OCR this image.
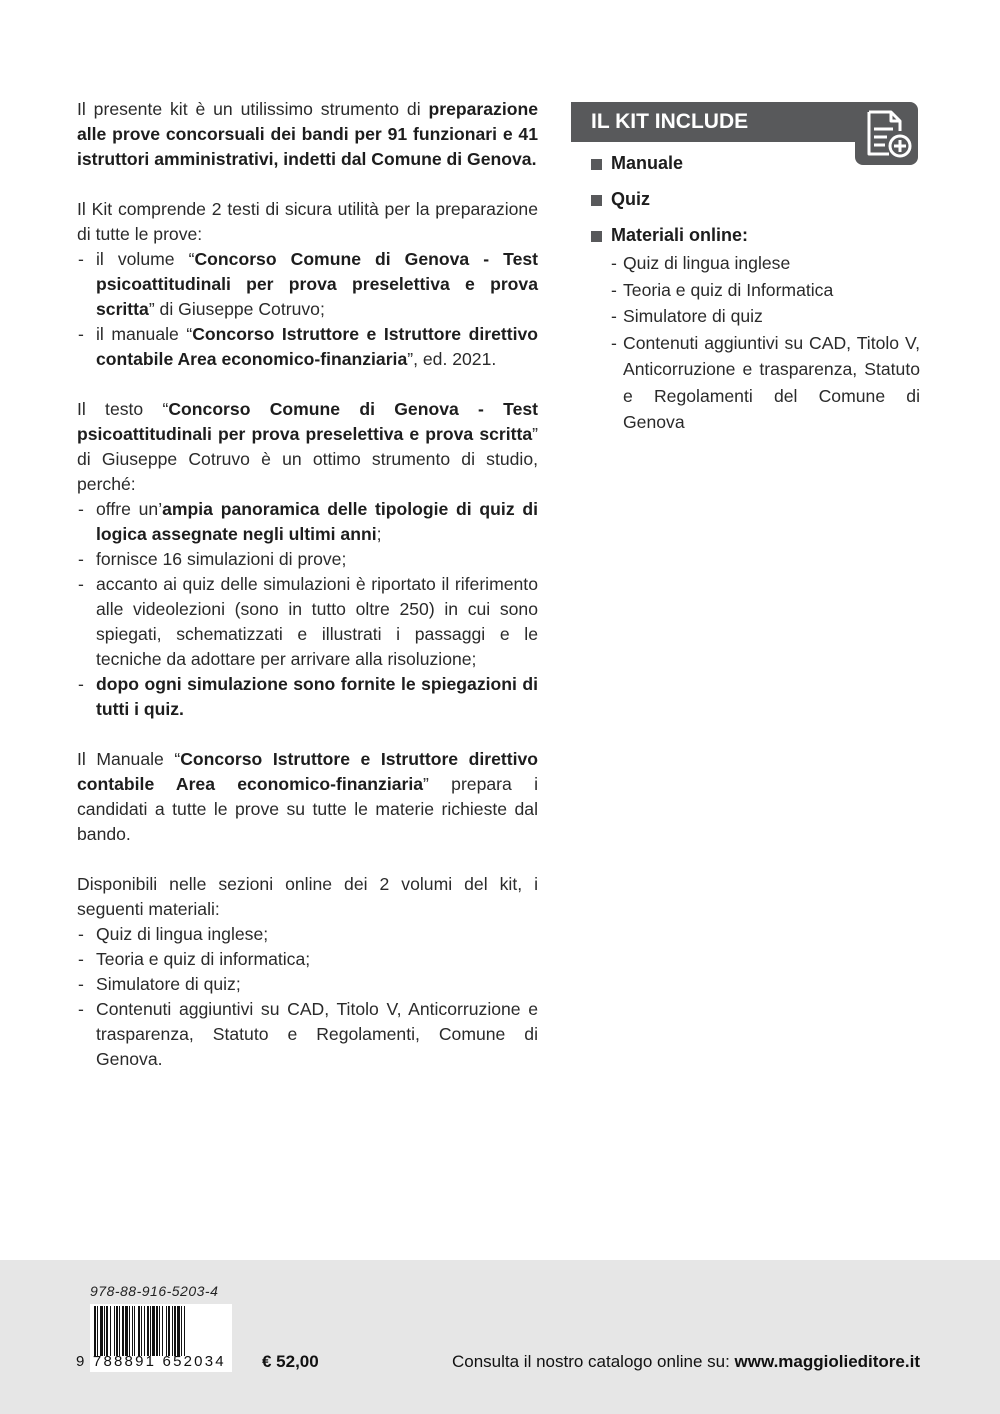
Il presente kit è un utilissimo strumento di preparazione alle prove concorsuali dei bandi per 91 funzionari e 41 istruttori amministrativi, indetti dal Comune di Genova.

Il Kit comprende 2 testi di sicura utilità per la preparazione di tutte le prove:

- il volume “Concorso Comune di Genova - Test psicoattitudinali per prova preselettiva e prova scritta” di Giuseppe Cotruvo;
- il manuale “Concorso Istruttore e Istruttore direttivo contabile Area economico-finanziaria”, ed. 2021.

Il testo “Concorso Comune di Genova - Test psicoattitudinali per prova preselettiva e prova scritta” di Giuseppe Cotruvo è un ottimo strumento di studio, perché:

- offre un’ampia panoramica delle tipologie di quiz di logica assegnate negli ultimi anni;
- fornisce 16 simulazioni di prove;
- accanto ai quiz delle simulazioni è riportato il riferimento alle videolezioni (sono in tutto oltre 250) in cui sono spiegati, schematizzati e illustrati i passaggi e le tecniche da adottare per arrivare alla risoluzione;
- dopo ogni simulazione sono fornite le spiegazioni di tutti i quiz.

Il Manuale “Concorso Istruttore e Istruttore direttivo contabile Area economico-finanziaria” prepara i candidati a tutte le prove su tutte le materie richieste dal bando.

Disponibili nelle sezioni online dei 2 volumi del kit, i seguenti materiali:

- Quiz di lingua inglese;
- Teoria e quiz di informatica;
- Simulatore di quiz;
- Contenuti aggiuntivi su CAD, Titolo V, Anticorruzione e trasparenza, Statuto e Regolamenti, Comune di Genova.
IL KIT INCLUDE
Manuale
Quiz
Materiali online:
- Quiz di lingua inglese
- Teoria e quiz di Informatica
- Simulatore di quiz
- Contenuti aggiuntivi su CAD, Titolo V, Anticorruzione e trasparenza, Statuto e Regolamenti del Comune di Genova
978-88-916-5203-4
9 788891 652034 € 52,00	Consulta il nostro catalogo online su: www.maggiolieditore.it
